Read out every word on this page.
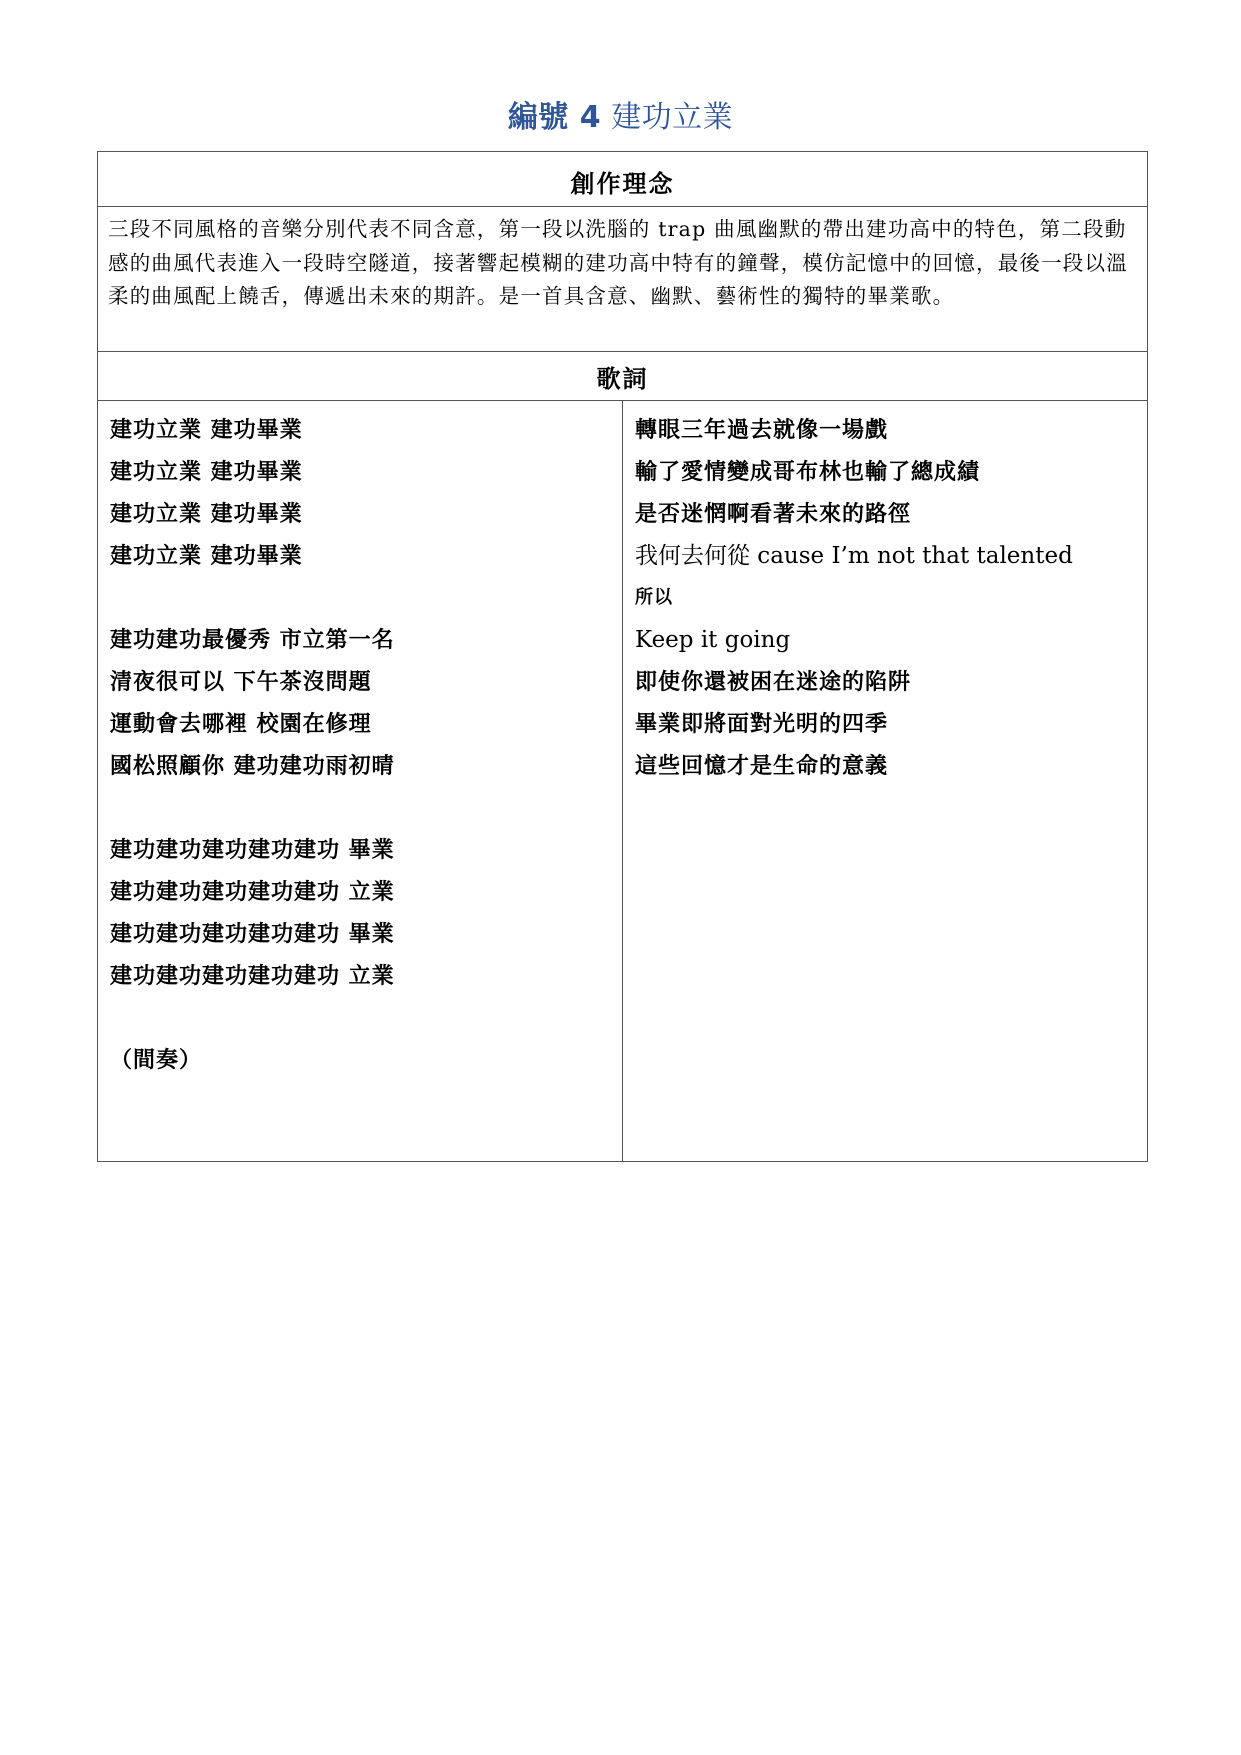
編號 4 建功立業
創作理念
三段不同風格的音樂分別代表不同含意，第一段以洗腦的 trap 曲風幽默的帶出建功高中的特色，第二段動感的曲風代表進入一段時空隧道，接著響起模糊的建功高中特有的鐘聲，模仿記憶中的回憶，最後一段以溫柔的曲風配上饒舌，傳遞出未來的期許。是一首具含意、幽默、藝術性的獨特的畢業歌。
歌詞

建功立業 建功畢業
建功立業 建功畢業
建功立業 建功畢業
建功立業 建功畢業
建功建功最優秀 市立第一名
清夜很可以 下午茶沒問題
運動會去哪裡 校園在修理
國松照顧你 建功建功雨初晴
建功建功建功建功建功 畢業
建功建功建功建功建功 立業
建功建功建功建功建功 畢業
建功建功建功建功建功 立業
（間奏）

轉眼三年過去就像一場戲
輸了愛情變成哥布林也輸了總成績
是否迷惘啊看著未來的路徑
我何去何從 cause I’m not that talented
所以
Keep it going
即使你還被困在迷途的陷阱
畢業即將面對光明的四季
這些回憶才是生命的意義
